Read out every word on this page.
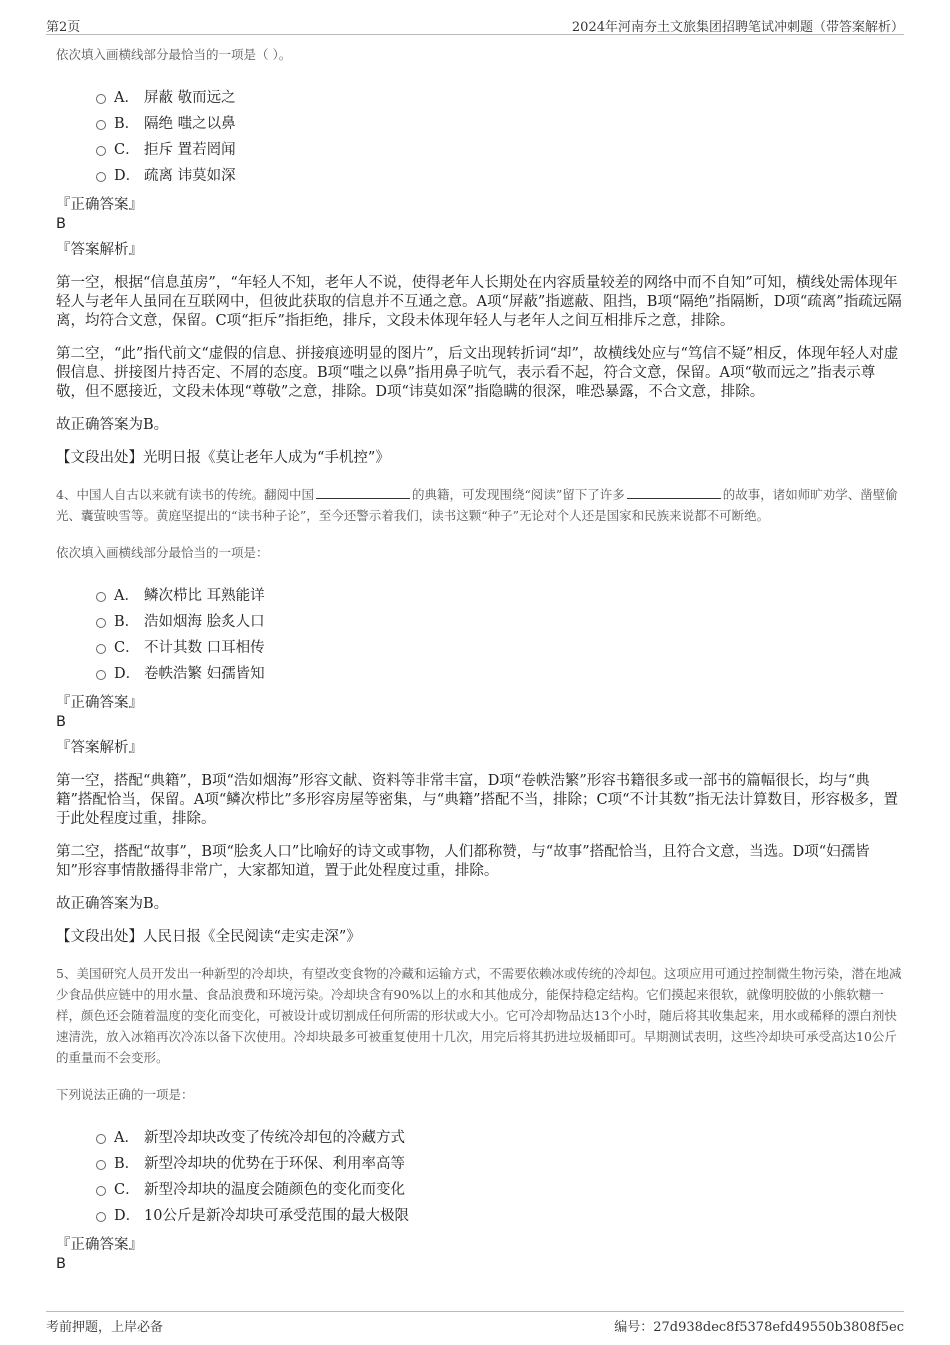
第2页	2024年河南夯土文旅集团招聘笔试冲刺题（带答案解析）

依次填入画横线部分最恰当的一项是（ ）。

A． 屏蔽 敬而远之
B． 隔绝 嗤之以鼻
C． 拒斥 置若罔闻
D． 疏离 讳莫如深

『正确答案』

B

『答案解析』

第一空，根据“信息茧房”，“年轻人不知，老年人不说，使得老年人长期处在内容质量较差的网络中而不自知”可知，横线处需体现年轻人与老年人虽同在互联网中，但彼此获取的信息并不互通之意。A项“屏蔽”指遮蔽、阻挡，B项“隔绝”指隔断，D项“疏离”指疏远隔离，均符合文意，保留。C项“拒斥”指拒绝，排斥，文段未体现年轻人与老年人之间互相排斥之意，排除。

第二空，“此”指代前文“虚假的信息、拼接痕迹明显的图片”，后文出现转折词“却”，故横线处应与“笃信不疑”相反，体现年轻人对虚假信息、拼接图片持否定、不屑的态度。B项“嗤之以鼻”指用鼻子吭气，表示看不起，符合文意，保留。A项“敬而远之”指表示尊敬，但不愿接近，文段未体现“尊敬”之意，排除。D项“讳莫如深”指隐瞒的很深，唯恐暴露，不合文意，排除。

故正确答案为B。

【文段出处】光明日报《莫让老年人成为“手机控”》

4、中国人自古以来就有读书的传统。翻阅中国	的典籍，可发现围绕“阅读”留下了许多	的故事，诸如师旷劝学、凿壁偷光、囊萤映雪等。黄庭坚提出的“读书种子论”，至今还警示着我们，读书这颗“种子”无论对个人还是国家和民族来说都不可断绝。

依次填入画横线部分最恰当的一项是：

A． 鳞次栉比 耳熟能详
B． 浩如烟海 脍炙人口
C． 不计其数 口耳相传
D． 卷帙浩繁 妇孺皆知

『正确答案』

B

『答案解析』

第一空，搭配“典籍”，B项“浩如烟海”形容文献、资料等非常丰富，D项“卷帙浩繁”形容书籍很多或一部书的篇幅很长，均与“典籍”搭配恰当，保留。A项“鳞次栉比”多形容房屋等密集，与“典籍”搭配不当，排除；C项“不计其数”指无法计算数目，形容极多，置于此处程度过重，排除。

第二空，搭配“故事”，B项“脍炙人口”比喻好的诗文或事物，人们都称赞，与“故事”搭配恰当，且符合文意，当选。D项“妇孺皆知”形容事情散播得非常广，大家都知道，置于此处程度过重，排除。

故正确答案为B。

【文段出处】人民日报《全民阅读“走实走深”》

5、美国研究人员开发出一种新型的冷却块，有望改变食物的冷藏和运输方式，不需要依赖冰或传统的冷却包。这项应用可通过控制微生物污染，潜在地减少食品供应链中的用水量、食品浪费和环境污染。冷却块含有90%以上的水和其他成分，能保持稳定结构。它们摸起来很软，就像明胶做的小熊软糖一样，颜色还会随着温度的变化而变化，可被设计或切割成任何所需的形状或大小。它可冷却物品达13个小时，随后将其收集起来，用水或稀释的漂白剂快速清洗，放入冰箱再次冷冻以备下次使用。冷却块最多可被重复使用十几次，用完后将其扔进垃圾桶即可。早期测试表明，这些冷却块可承受高达10公斤的重量而不会变形。

下列说法正确的一项是：

A． 新型冷却块改变了传统冷却包的冷藏方式
B． 新型冷却块的优势在于环保、利用率高等
C． 新型冷却块的温度会随颜色的变化而变化
D． 10公斤是新冷却块可承受范围的最大极限

『正确答案』

B

考前押题，上岸必备	编号：27d938dec8f5378efd49550b3808f5ec
